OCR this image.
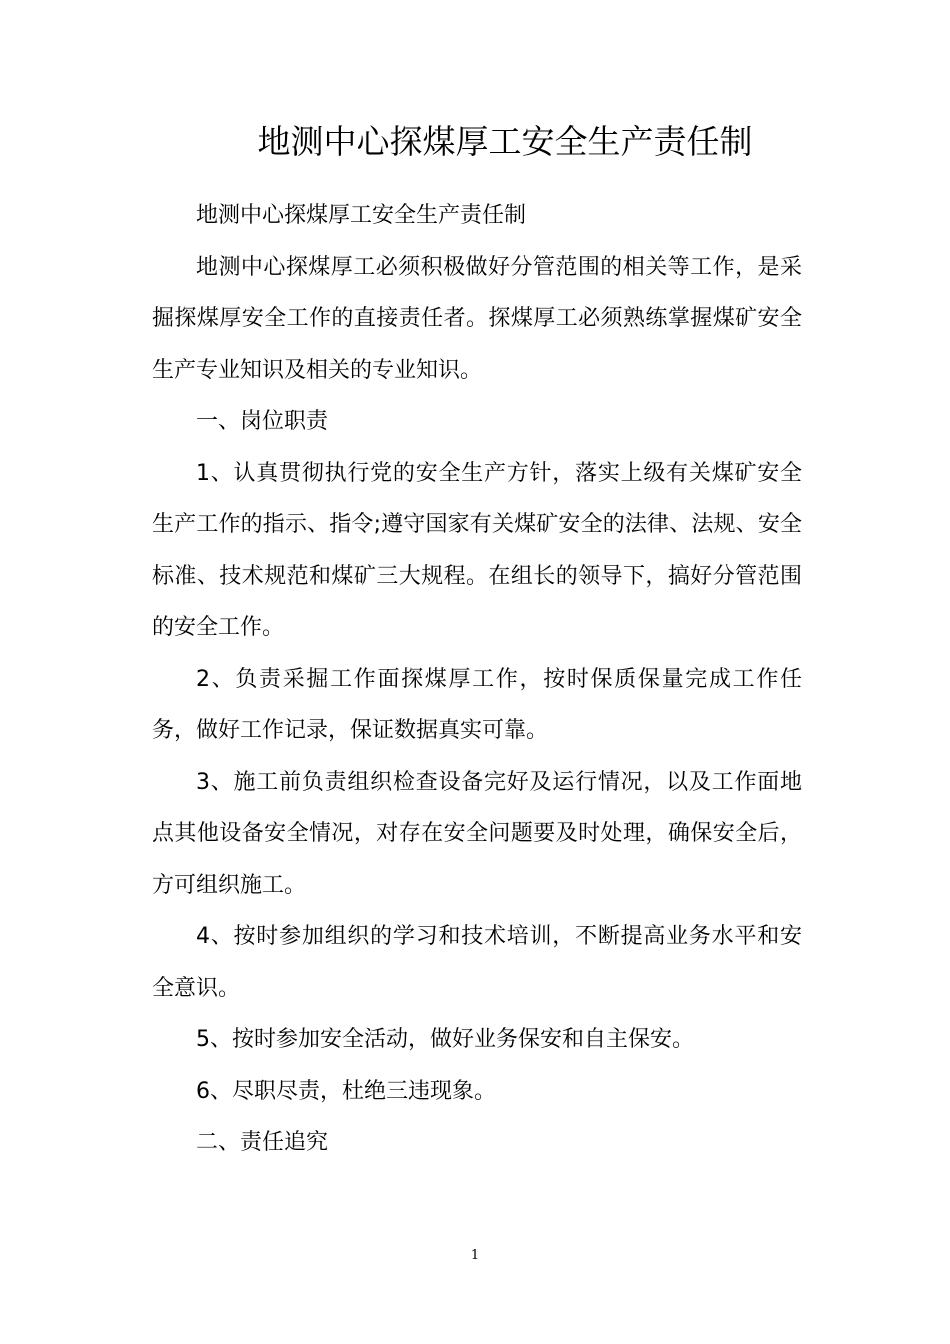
地测中心探煤厚工安全生产责任制

地测中心探煤厚工安全生产责任制

地测中心探煤厚工必须积极做好分管范围的相关等工作，是采掘探煤厚安全工作的直接责任者。探煤厚工必须熟练掌握煤矿安全生产专业知识及相关的专业知识。

一、岗位职责

1、认真贯彻执行党的安全生产方针，落实上级有关煤矿安全生产工作的指示、指令;遵守国家有关煤矿安全的法律、法规、安全标准、技术规范和煤矿三大规程。在组长的领导下，搞好分管范围的安全工作。

2、负责采掘工作面探煤厚工作，按时保质保量完成工作任务，做好工作记录，保证数据真实可靠。

3、施工前负责组织检查设备完好及运行情况，以及工作面地点其他设备安全情况，对存在安全问题要及时处理，确保安全后，方可组织施工。

4、按时参加组织的学习和技术培训，不断提高业务水平和安全意识。

5、按时参加安全活动，做好业务保安和自主保安。

6、尽职尽责，杜绝三违现象。

二、责任追究

1
